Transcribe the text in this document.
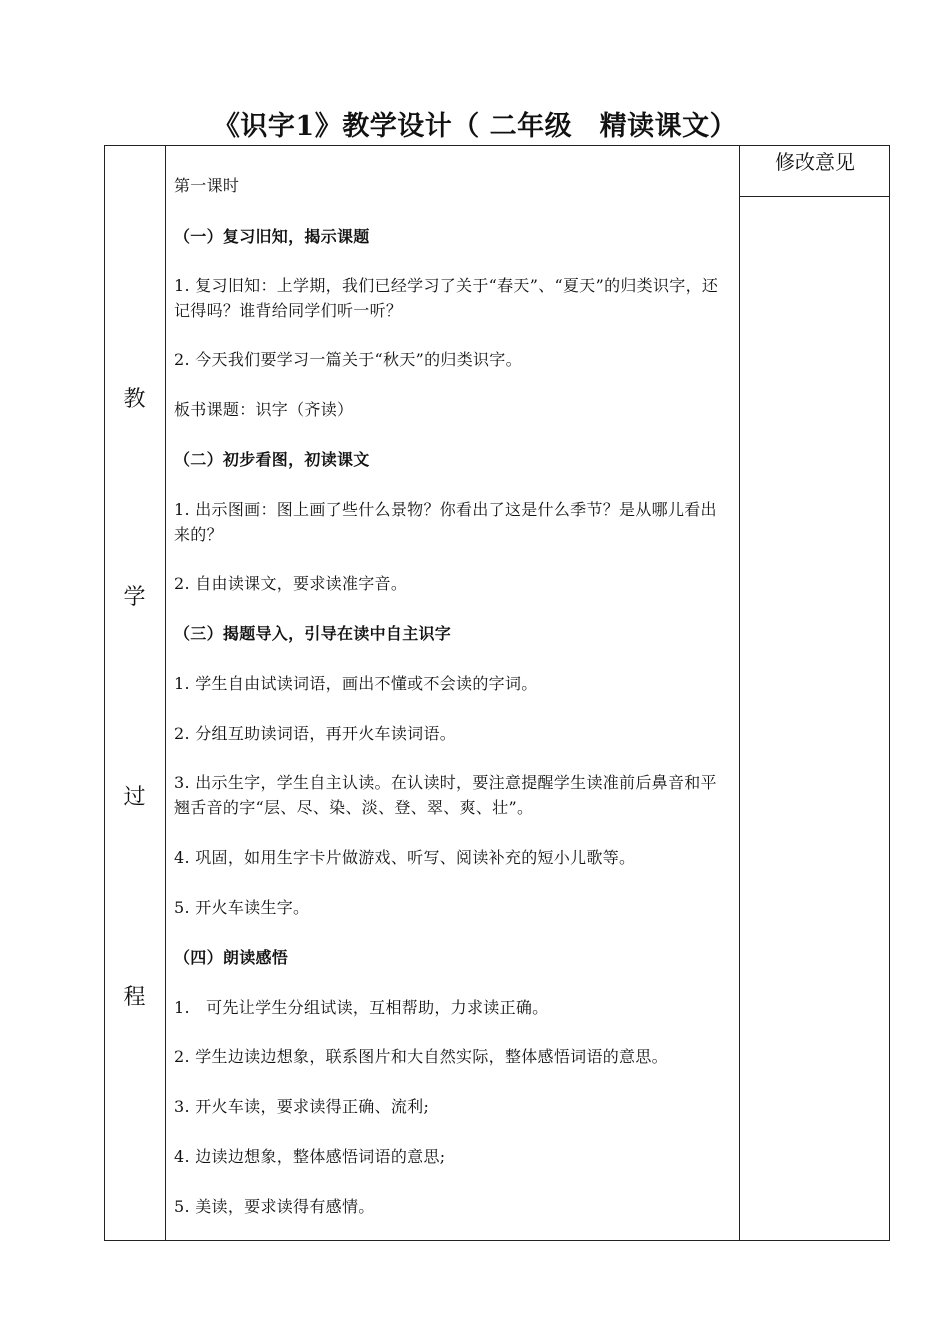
《识字1》教学设计（ 二年级　精读课文）
教
学
过
程
修改意见
第一课时
（一）复习旧知，揭示课题
1. 复习旧知：上学期，我们已经学习了关于“春天”、“夏天”的归类识字，还记得吗？谁背给同学们听一听？
2. 今天我们要学习一篇关于“秋天”的归类识字。
板书课题：识字（齐读）
（二）初步看图，初读课文
1. 出示图画：图上画了些什么景物？你看出了这是什么季节？是从哪儿看出来的？
2. 自由读课文，要求读准字音。
（三）揭题导入，引导在读中自主识字
1. 学生自由试读词语，画出不懂或不会读的字词。
2. 分组互助读词语，再开火车读词语。
3. 出示生字，学生自主认读。在认读时，要注意提醒学生读准前后鼻音和平翘舌音的字“层、尽、染、淡、登、翠、爽、壮”。
4. 巩固，如用生字卡片做游戏、听写、阅读补充的短小儿歌等。
5. 开火车读生字。
（四）朗读感悟
1.　可先让学生分组试读，互相帮助，力求读正确。
2. 学生边读边想象，联系图片和大自然实际，整体感悟词语的意思。
3. 开火车读，要求读得正确、流利;
4. 边读边想象，整体感悟词语的意思;
5. 美读，要求读得有感情。
